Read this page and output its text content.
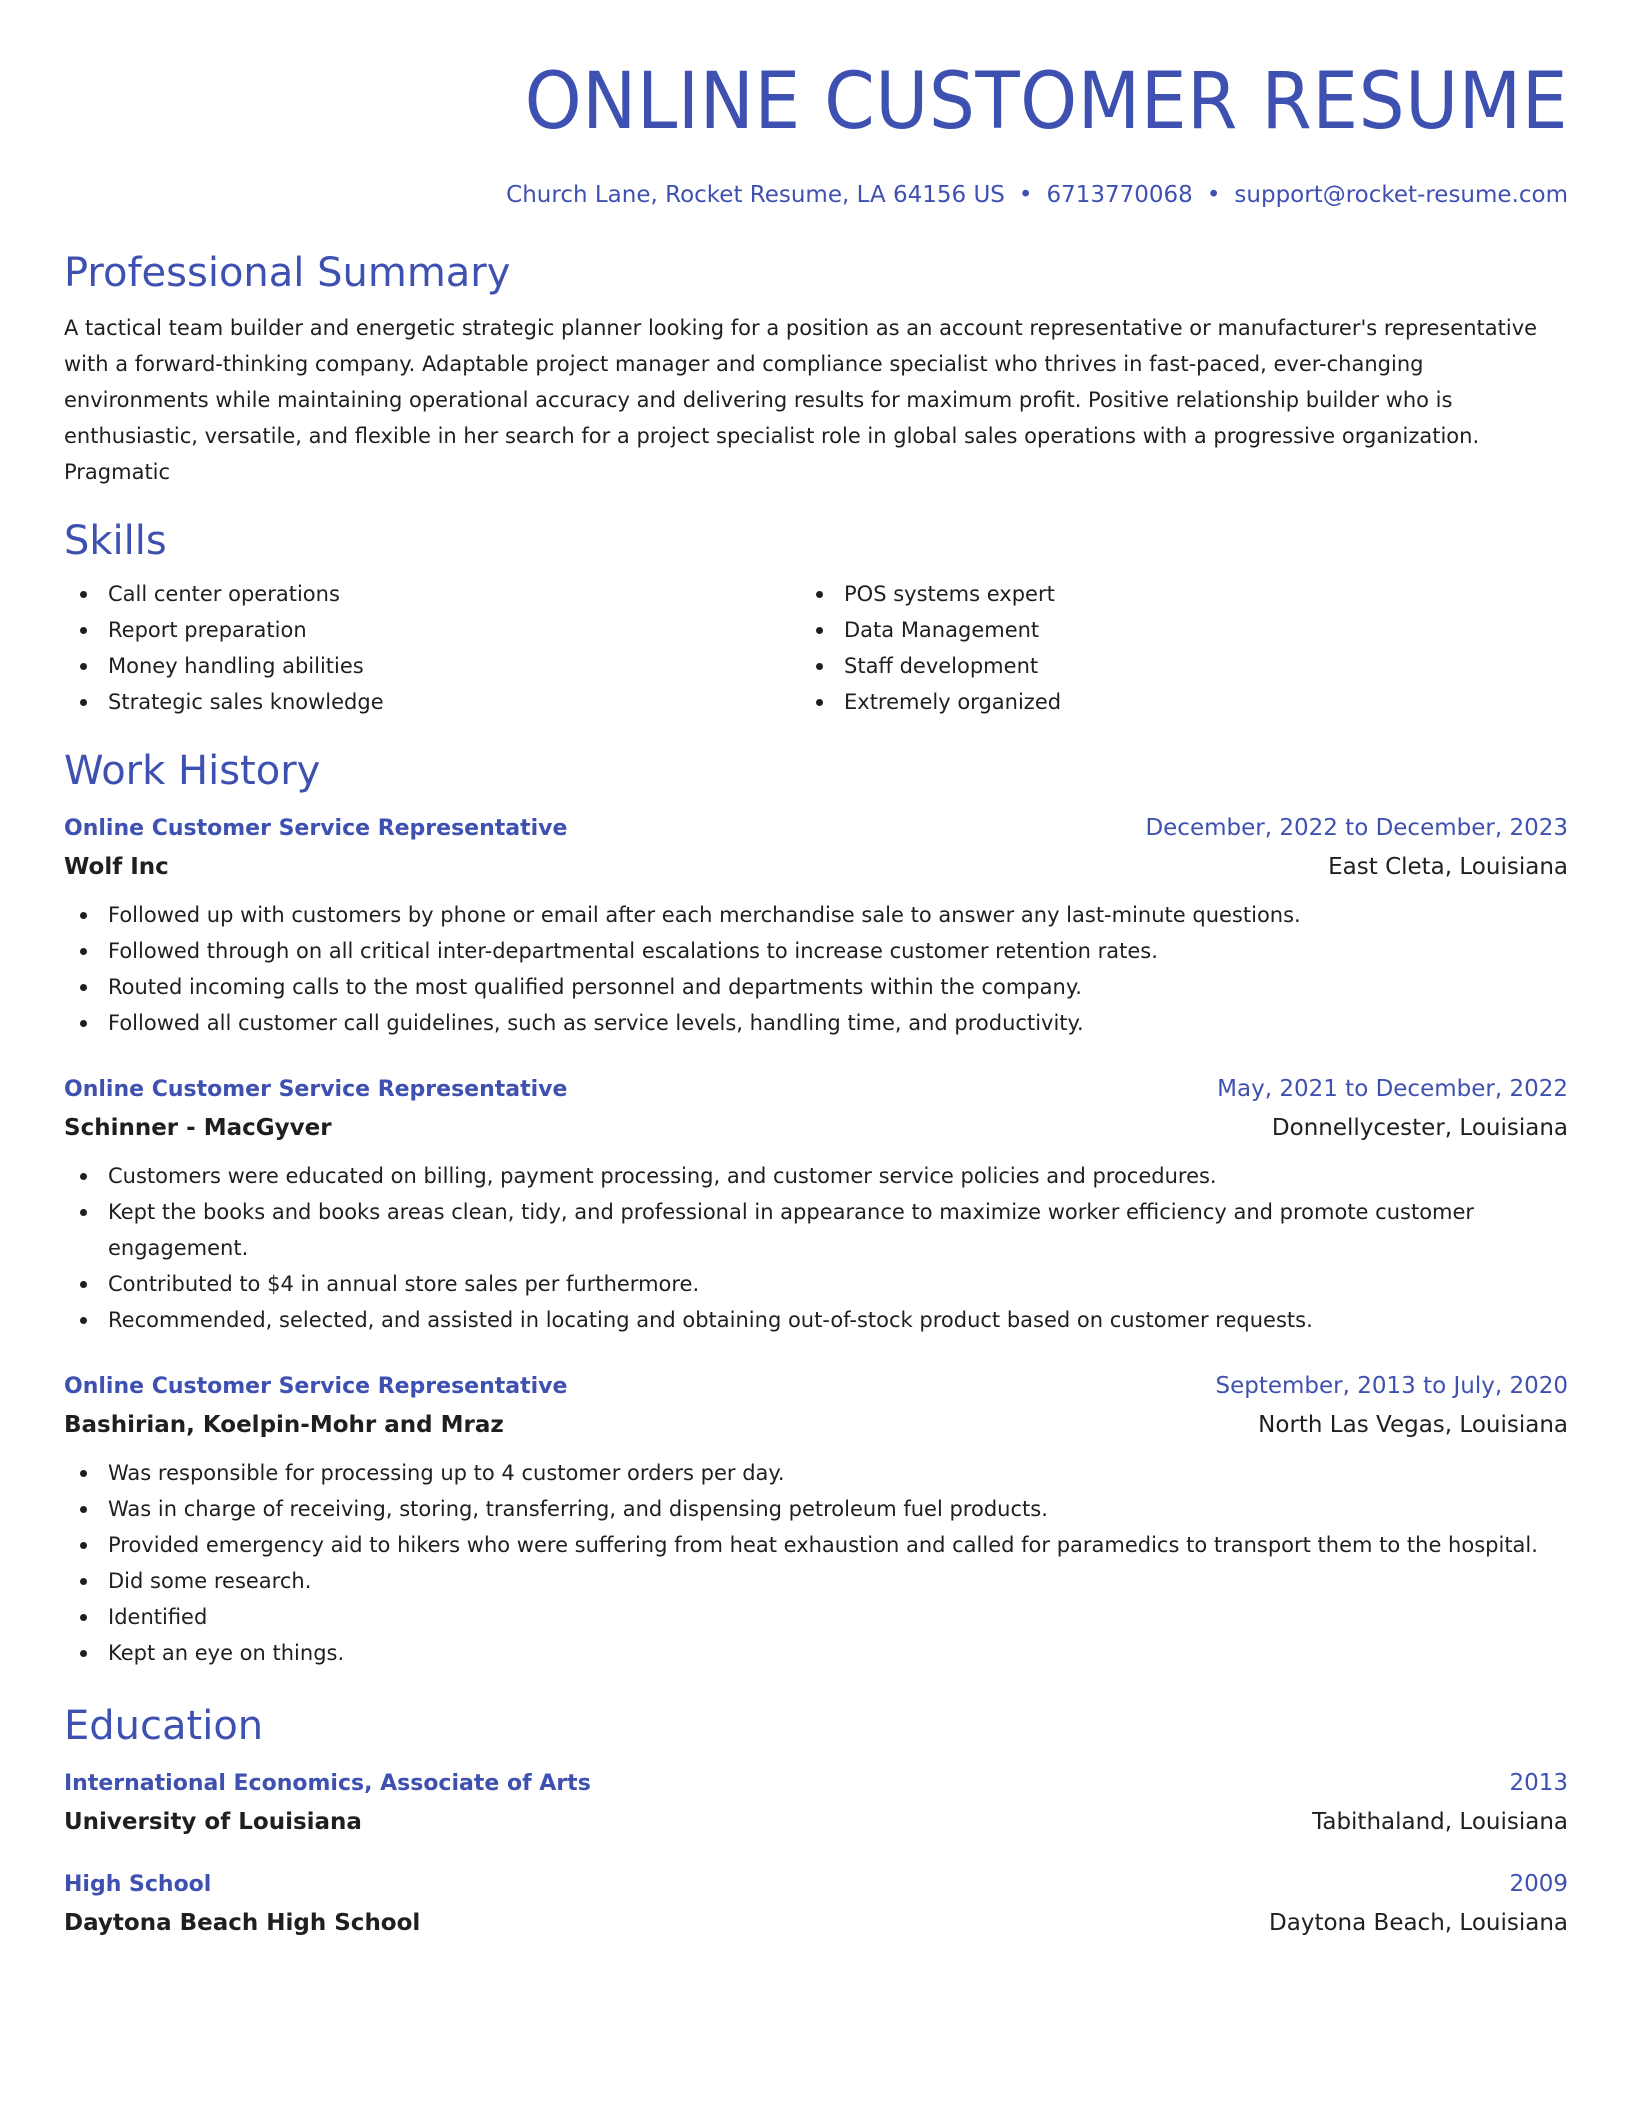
ONLINE CUSTOMER RESUME
Church Lane, Rocket Resume, LA 64156 US • 6713770068 • support@rocket-resume.com
Professional Summary

A tactical team builder and energetic strategic planner looking for a position as an account representative or manufacturer's representative with a forward-thinking company. Adaptable project manager and compliance specialist who thrives in fast-paced, ever-changing environments while maintaining operational accuracy and delivering results for maximum profit. Positive relationship builder who is enthusiastic, versatile, and flexible in her search for a project specialist role in global sales operations with a progressive organization. Pragmatic

Skills
Call center operations
Report preparation
Money handling abilities
Strategic sales knowledge
POS systems expert
Data Management
Staff development
Extremely organized
Work History
Online Customer Service Representative	December, 2022 to December, 2023
Wolf Inc	East Cleta, Louisiana
Followed up with customers by phone or email after each merchandise sale to answer any last-minute questions.
Followed through on all critical inter-departmental escalations to increase customer retention rates.
Routed incoming calls to the most qualified personnel and departments within the company.
Followed all customer call guidelines, such as service levels, handling time, and productivity.
Online Customer Service Representative	May, 2021 to December, 2022
Schinner - MacGyver	Donnellycester, Louisiana
Customers were educated on billing, payment processing, and customer service policies and procedures.
Kept the books and books areas clean, tidy, and professional in appearance to maximize worker efficiency and promote customer engagement.
Contributed to $4 in annual store sales per furthermore.
Recommended, selected, and assisted in locating and obtaining out-of-stock product based on customer requests.
Online Customer Service Representative	September, 2013 to July, 2020
Bashirian, Koelpin-Mohr and Mraz	North Las Vegas, Louisiana
Was responsible for processing up to 4 customer orders per day.
Was in charge of receiving, storing, transferring, and dispensing petroleum fuel products.
Provided emergency aid to hikers who were suffering from heat exhaustion and called for paramedics to transport them to the hospital.
Did some research.
Identified
Kept an eye on things.
Education
International Economics, Associate of Arts	2013
University of Louisiana	Tabithaland, Louisiana
High School	2009
Daytona Beach High School	Daytona Beach, Louisiana
